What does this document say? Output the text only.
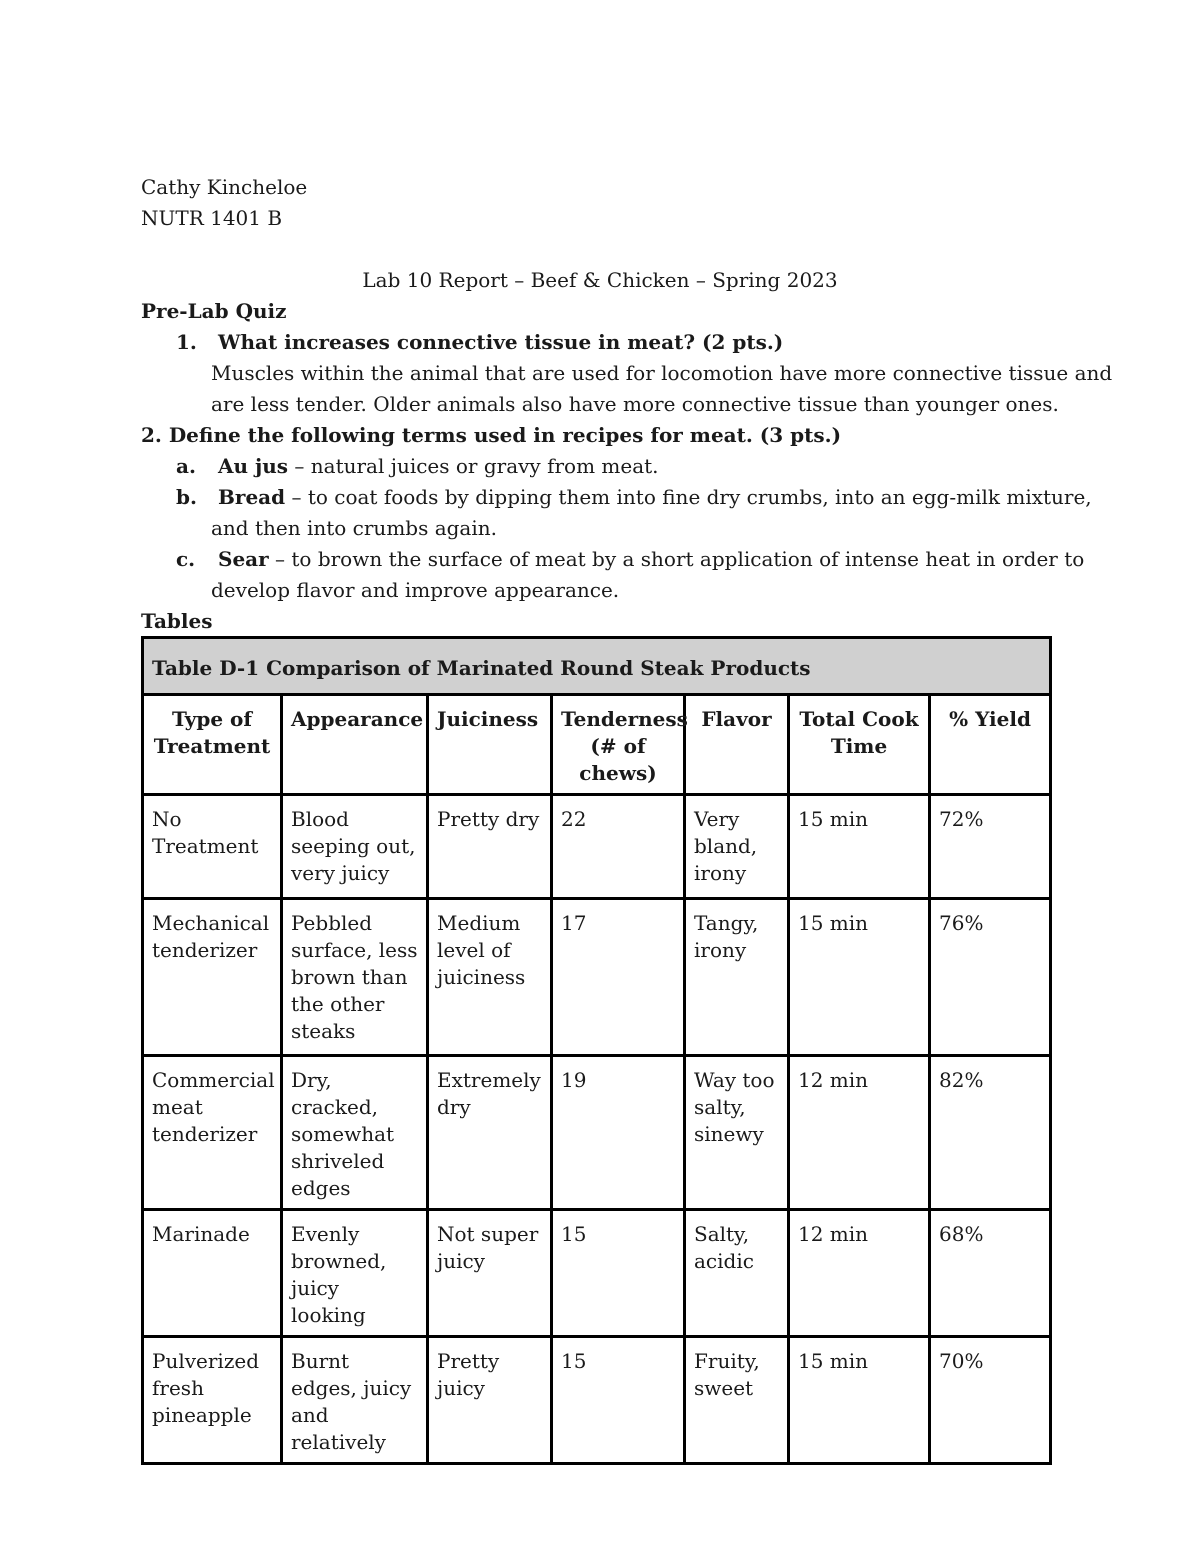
Cathy Kincheloe
NUTR 1401 B
Lab 10 Report – Beef & Chicken – Spring 2023
Pre-Lab Quiz
1. What increases connective tissue in meat? (2 pts.)
Muscles within the animal that are used for locomotion have more connective tissue and
are less tender. Older animals also have more connective tissue than younger ones.
2. Define the following terms used in recipes for meat. (3 pts.)
a. Au jus – natural juices or gravy from meat.
b. Bread – to coat foods by dipping them into fine dry crumbs, into an egg-milk mixture,
and then into crumbs again.
c. Sear – to brown the surface of meat by a short application of intense heat in order to
develop flavor and improve appearance.
Tables
Table D-1 Comparison of Marinated Round Steak Products						
Type of Treatment	Appearance	Juiciness	Tenderness (# of chews)	Flavor	Total Cook Time	% Yield
No Treatment	Blood seeping out, very juicy	Pretty dry	22	Very bland, irony	15 min	72%
Mechanical tenderizer	Pebbled surface, less brown than the other steaks	Medium level of juiciness	17	Tangy, irony	15 min	76%
Commercial meat tenderizer	Dry, cracked, somewhat shriveled edges	Extremely dry	19	Way too salty, sinewy	12 min	82%
Marinade	Evenly browned, juicy looking	Not super juicy	15	Salty, acidic	12 min	68%
Pulverized fresh pineapple	Burnt edges, juicy and relatively	Pretty juicy	15	Fruity, sweet	15 min	70%
